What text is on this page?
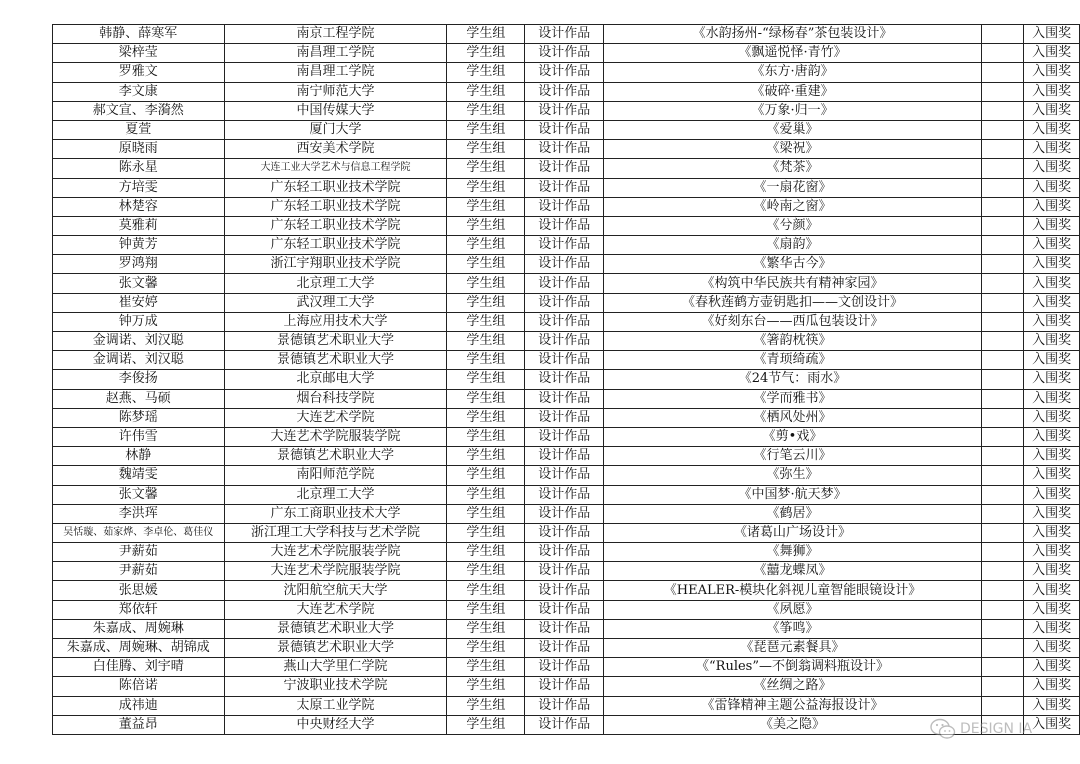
韩静、薛寒军	南京工程学院	学生组	设计作品	《水韵扬州-“绿杨春”茶包装设计》		入围奖
梁梓莹	南昌理工学院	学生组	设计作品	《飘遥悦怿·青竹》		入围奖
罗雅文	南昌理工学院	学生组	设计作品	《东方·唐韵》		入围奖
李文康	南宁师范大学	学生组	设计作品	《破碎·重建》		入围奖
郝文宣、李漪然	中国传媒大学	学生组	设计作品	《万象·归一》		入围奖
夏萱	厦门大学	学生组	设计作品	《爱巢》		入围奖
原晓雨	西安美术学院	学生组	设计作品	《梁祝》		入围奖
陈永星	大连工业大学艺术与信息工程学院	学生组	设计作品	《梵茶》		入围奖
方培雯	广东轻工职业技术学院	学生组	设计作品	《一扇花窗》		入围奖
林楚容	广东轻工职业技术学院	学生组	设计作品	《岭南之窗》		入围奖
莫雅莉	广东轻工职业技术学院	学生组	设计作品	《兮颜》		入围奖
钟黄芳	广东轻工职业技术学院	学生组	设计作品	《扇韵》		入围奖
罗鸿翔	浙江宇翔职业技术学院	学生组	设计作品	《繁华古今》		入围奖
张文馨	北京理工大学	学生组	设计作品	《构筑中华民族共有精神家园》		入围奖
崔安婷	武汉理工大学	学生组	设计作品	《春秋莲鹤方壶钥匙扣——文创设计》		入围奖
钟万成	上海应用技术大学	学生组	设计作品	《好刻东台——西瓜包装设计》		入围奖
金调诺、刘汉聪	景德镇艺术职业大学	学生组	设计作品	《箸韵枕筷》		入围奖
金调诺、刘汉聪	景德镇艺术职业大学	学生组	设计作品	《青顼绮疏》		入围奖
李俊扬	北京邮电大学	学生组	设计作品	《24节气：雨水》		入围奖
赵燕、马硕	烟台科技学院	学生组	设计作品	《学而雅书》		入围奖
陈梦瑶	大连艺术学院	学生组	设计作品	《栖风处州》		入围奖
许伟雪	大连艺术学院服装学院	学生组	设计作品	《剪•戏》		入围奖
林静	景德镇艺术职业大学	学生组	设计作品	《行笔云川》		入围奖
魏靖雯	南阳师范学院	学生组	设计作品	《弥生》		入围奖
张文馨	北京理工大学	学生组	设计作品	《中国梦·航天梦》		入围奖
李洪珲	广东工商职业技术大学	学生组	设计作品	《鹤居》		入围奖
吴恬璇、茹家烨、李卓伦、葛佳仪	浙江理工大学科技与艺术学院	学生组	设计作品	《诸葛山广场设计》		入围奖
尹薪茹	大连艺术学院服装学院	学生组	设计作品	《舞狮》		入围奖
尹薪茹	大连艺术学院服装学院	学生组	设计作品	《囍龙蝶凤》		入围奖
张思媛	沈阳航空航天大学	学生组	设计作品	《HEALER-模块化斜视儿童智能眼镜设计》		入围奖
郑依轩	大连艺术学院	学生组	设计作品	《夙愿》		入围奖
朱嘉成、周婉琳	景德镇艺术职业大学	学生组	设计作品	《筝鸣》		入围奖
朱嘉成、周婉琳、胡锦成	景德镇艺术职业大学	学生组	设计作品	《琵琶元素餐具》		入围奖
白佳腾、刘宇晴	燕山大学里仁学院	学生组	设计作品	《“Rules”—不倒翁调料瓶设计》		入围奖
陈倍诺	宁波职业技术学院	学生组	设计作品	《丝绸之路》		入围奖
成祎迪	太原工业学院	学生组	设计作品	《雷锋精神主题公益海报设计》		入围奖
董益昂	中央财经大学	学生组	设计作品	《美之隐》		入围奖
DESIGN IA
